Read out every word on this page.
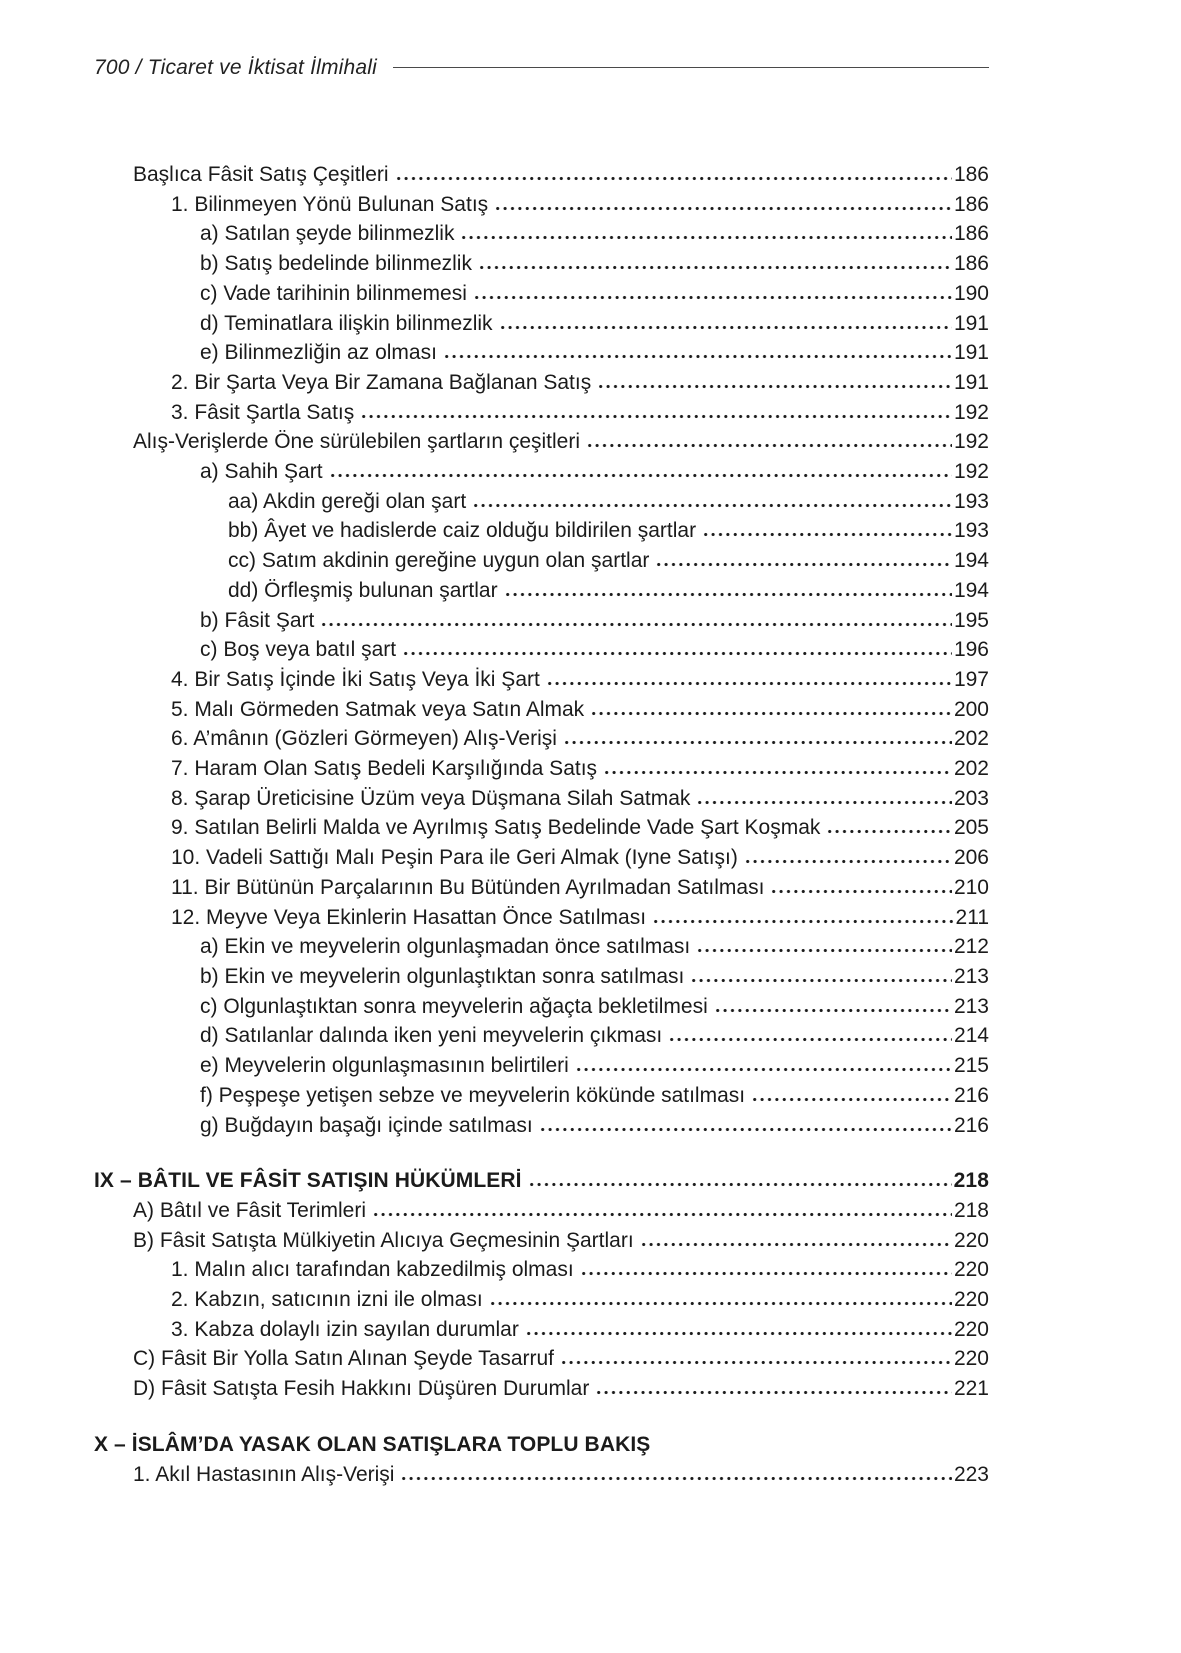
700 / Ticaret ve İktisat İlmihali
Başlıca Fâsit Satış Çeşitleri	186
1. Bilinmeyen Yönü Bulunan Satış	186
a) Satılan şeyde bilinmezlik	186
b) Satış bedelinde bilinmezlik	186
c) Vade tarihinin bilinmemesi	190
d) Teminatlara ilişkin bilinmezlik	191
e) Bilinmezliğin az olması	191
2. Bir Şarta Veya Bir Zamana Bağlanan Satış	191
3. Fâsit Şartla Satış	192
Alış-Verişlerde Öne sürülebilen şartların çeşitleri	192
a) Sahih Şart	192
aa) Akdin gereği olan şart	193
bb) Âyet ve hadislerde caiz olduğu bildirilen şartlar	193
cc) Satım akdinin gereğine uygun olan şartlar	194
dd) Örfleşmiş bulunan şartlar	194
b) Fâsit Şart	195
c) Boş veya batıl şart	196
4. Bir Satış İçinde İki Satış Veya İki Şart	197
5. Malı Görmeden Satmak veya Satın Almak	200
6. A’mânın (Gözleri Görmeyen) Alış-Verişi	202
7. Haram Olan Satış Bedeli Karşılığında Satış	202
8. Şarap Üreticisine Üzüm veya Düşmana Silah Satmak	203
9. Satılan Belirli Malda ve Ayrılmış Satış Bedelinde Vade Şart Koşmak	205
10. Vadeli Sattığı Malı Peşin Para ile Geri Almak (Iyne Satışı)	206
11. Bir Bütünün Parçalarının Bu Bütünden Ayrılmadan Satılması	210
12. Meyve Veya Ekinlerin Hasattan Önce Satılması	211
a) Ekin ve meyvelerin olgunlaşmadan önce satılması	212
b) Ekin ve meyvelerin olgunlaştıktan sonra satılması	213
c) Olgunlaştıktan sonra meyvelerin ağaçta bekletilmesi	213
d) Satılanlar dalında iken yeni meyvelerin çıkması	214
e) Meyvelerin olgunlaşmasının belirtileri	215
f) Peşpeşe yetişen sebze ve meyvelerin kökünde satılması	216
g) Buğdayın başağı içinde satılması	216
IX – BÂTIL VE FÂSİT SATIŞIN HÜKÜMLERİ	218
A) Bâtıl ve Fâsit Terimleri	218
B) Fâsit Satışta Mülkiyetin Alıcıya Geçmesinin Şartları	220
1. Malın alıcı tarafından kabzedilmiş olması	220
2. Kabzın, satıcının izni ile olması	220
3. Kabza dolaylı izin sayılan durumlar	220
C) Fâsit Bir Yolla Satın Alınan Şeyde Tasarruf	220
D) Fâsit Satışta Fesih Hakkını Düşüren Durumlar	221
X – İSLÂM’DA YASAK OLAN SATIŞLARA TOPLU BAKIŞ
1. Akıl Hastasının Alış-Verişi	223
